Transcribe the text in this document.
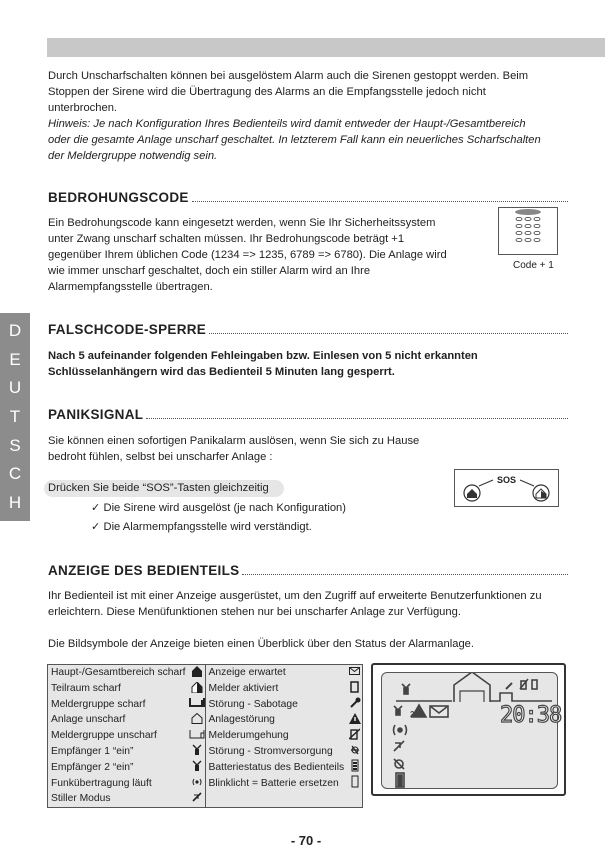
Durch Unscharfschalten können bei ausgelöstem Alarm auch die Sirenen gestoppt werden. Beim
Stoppen der Sirene wird die Übertragung des Alarms an die Empfangsstelle jedoch nicht
unterbrochen.
Hinweis: Je nach Konfiguration Ihres Bedienteils wird damit entweder der Haupt-/Gesamtbereich
oder die gesamte Anlage unscharf geschaltet. In letzterem Fall kann ein neuerliches Scharfschalten
der Meldergruppe notwendig sein.
BEDROHUNGSCODE
Ein Bedrohungscode kann eingesetzt werden, wenn Sie Ihr Sicherheitssystem
unter Zwang unscharf schalten müssen. Ihr Bedrohungscode beträgt +1
gegenüber Ihrem üblichen Code (1234 => 1235, 6789 => 6780). Die Anlage wird
wie immer unscharf geschaltet, doch ein stiller Alarm wird an Ihre
Alarmempfangsstelle übertragen.
Code + 1
D
E
U
T
S
C
H
FALSCHCODE-SPERRE
Nach 5 aufeinander folgenden Fehleingaben bzw. Einlesen von 5 nicht erkannten
Schlüsselanhängern wird das Bedienteil 5 Minuten lang gesperrt.
PANIKSIGNAL
Sie können einen sofortigen Panikalarm auslösen, wenn Sie sich zu Hause
bedroht fühlen, selbst bei unscharfer Anlage :
Drücken Sie beide “SOS”-Tasten gleichzeitig
✓ Die Sirene wird ausgelöst (je nach Konfiguration)
✓ Die Alarmempfangsstelle wird verständigt.
SOS
ANZEIGE DES BEDIENTEILS
Ihr Bedienteil ist mit einer Anzeige ausgerüstet, um den Zugriff auf erweiterte Benutzerfunktionen zu
erleichtern. Diese Menüfunktionen stehen nur bei unscharfer Anlage zur Verfügung.
Die Bildsymbole der Anzeige bieten einen Überblick über den Status der Alarmanlage.
Haupt-/Gesamtbereich scharf		Anzeige erwartet	
Teilraum scharf		Melder aktiviert	
Meldergruppe scharf		Störung - Sabotage	
Anlage unscharf		Anlagestörung	
Meldergruppe unscharf		Melderumgehung	
Empfänger 1 “ein”		Störung - Stromversorgung	
Empfänger 2 “ein”		Batteriestatus des Bedienteils	
Funkübertragung läuft		Blinklicht = Batterie ersetzen	
Stiller Modus			
2	20:38
- 70 -
